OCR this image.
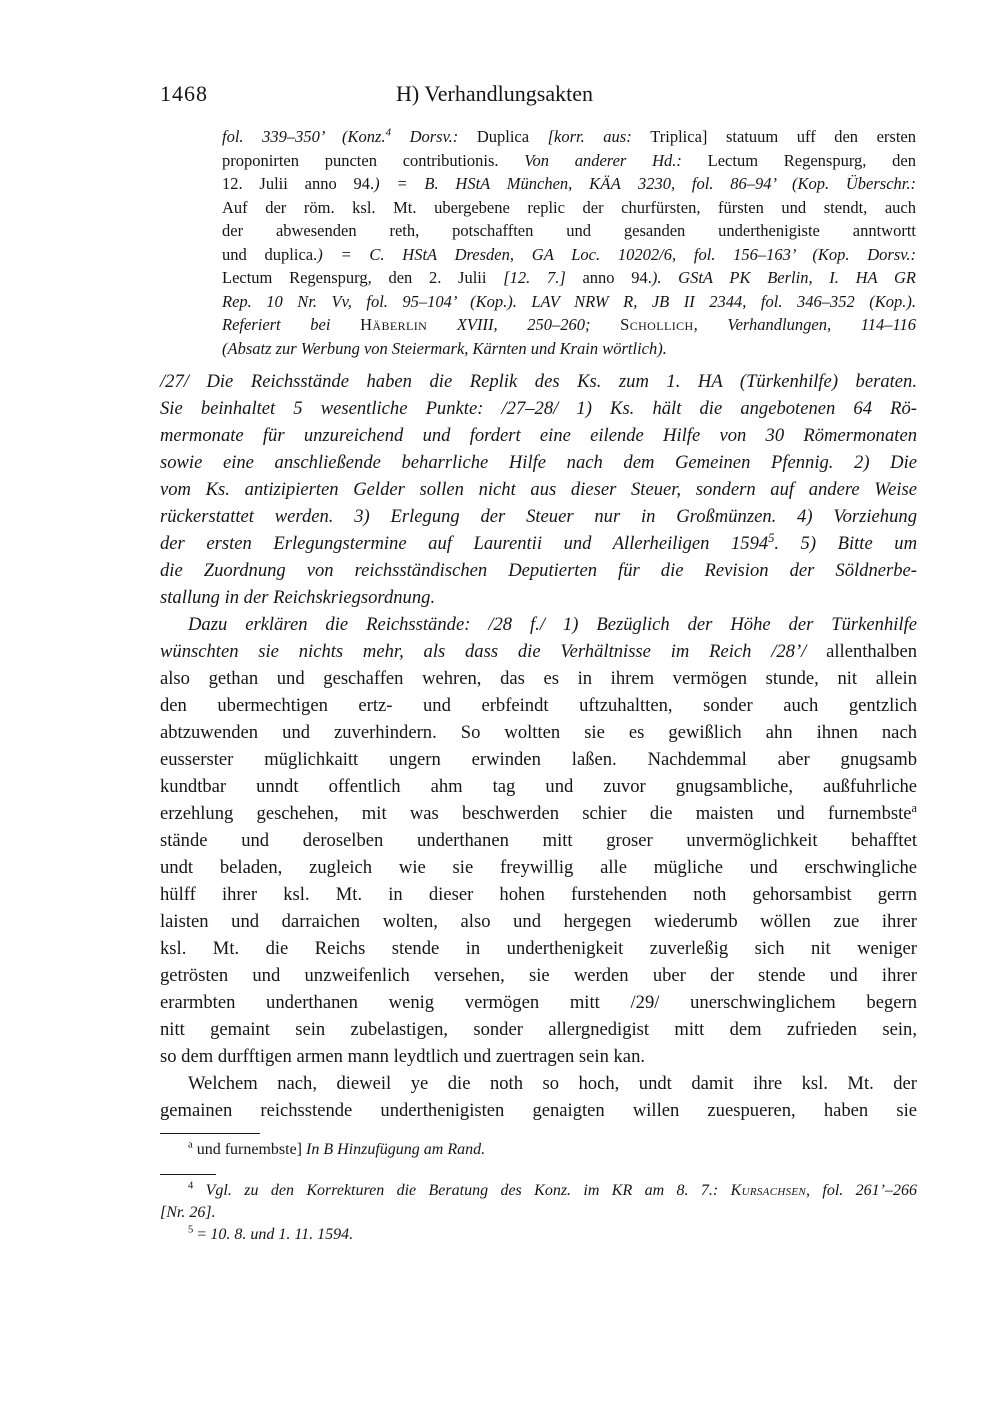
1468	H) Verhandlungsakten
fol. 339–350’ (Konz.$^4$ Dorsv.: Duplica [korr. aus: Triplica] statuum uff den ersten
proponirten puncten contributionis. Von anderer Hd.: Lectum Regenspurg, den
12. Julii anno 94.) = B. HStA München, KÄA 3230, fol. 86–94’ (Kop. Überschr.:
Auf der röm. ksl. Mt. ubergebene replic der churfürsten, fürsten und stendt, auch
der abwesenden reth, potschafften und gesanden underthenigiste anntwortt
und duplica.) = C. HStA Dresden, GA Loc. 10202/6, fol. 156–163’ (Kop. Dorsv.:
Lectum Regenspurg, den 2. Julii [12. 7.] anno 94.). GStA PK Berlin, I. HA GR
Rep. 10 Nr. Vv, fol. 95–104’ (Kop.). LAV NRW R, JB II 2344, fol. 346–352 (Kop.).
Referiert bei Häberlin XVIII, 250–260; Schollich, Verhandlungen, 114–116
(Absatz zur Werbung von Steiermark, Kärnten und Krain wörtlich).
/27/ Die Reichsstände haben die Replik des Ks. zum 1. HA (Türkenhilfe) beraten.
Sie beinhaltet 5 wesentliche Punkte: /27–28/ 1) Ks. hält die angebotenen 64 Rö-
mermonate für unzureichend und fordert eine eilende Hilfe von 30 Römermonaten
sowie eine anschließende beharrliche Hilfe nach dem Gemeinen Pfennig. 2) Die
vom Ks. antizipierten Gelder sollen nicht aus dieser Steuer, sondern auf andere Weise
rückerstattet werden. 3) Erlegung der Steuer nur in Großmünzen. 4) Vorziehung
der ersten Erlegungstermine auf Laurentii und Allerheiligen 1594$^5$. 5) Bitte um
die Zuordnung von reichsständischen Deputierten für die Revision der Söldnerbe-
stallung in der Reichskriegsordnung.
Dazu erklären die Reichsstände: /28 f./ 1) Bezüglich der Höhe der Türkenhilfe
wünschten sie nichts mehr, als dass die Verhältnisse im Reich /28’/ allenthalben
also gethan und geschaffen wehren, das es in ihrem vermögen stunde, nit allein
den ubermechtigen ertz- und erbfeindt uftzuhaltten, sonder auch gentzlich
abtzuwenden und zuverhindern. So woltten sie es gewißlich ahn ihnen nach
eusserster müglichkaitt ungern erwinden laßen. Nachdemmal aber gnugsamb
kundtbar unndt offentlich ahm tag und zuvor gnugsambliche, außfuhrliche
erzehlung geschehen, mit was beschwerden schier die maisten und furnembste$^a$
stände und deroselben underthanen mitt groser unvermöglichkeit behafftet
undt beladen, zugleich wie sie freywillig alle mügliche und erschwingliche
hülff ihrer ksl. Mt. in dieser hohen furstehenden noth gehorsambist gerrn
laisten und darraichen wolten, also und hergegen wiederumb wöllen zue ihrer
ksl. Mt. die Reichs stende in underthenigkeit zuverleßig sich nit weniger
getrösten und unzweifenlich versehen, sie werden uber der stende und ihrer
erarmbten underthanen wenig vermögen mitt /29/ unerschwinglichem begern
nitt gemaint sein zubelastigen, sonder allergnedigist mitt dem zufrieden sein,
so dem durfftigen armen mann leydtlich und zuertragen sein kan.
Welchem nach, dieweil ye die noth so hoch, undt damit ihre ksl. Mt. der
gemainen reichsstende underthenigisten genaigten willen zuespueren, haben sie
$^a$ und furnembste] In B Hinzufügung am Rand.
$^4$ Vgl. zu den Korrekturen die Beratung des Konz. im KR am 8. 7.: Kursachsen, fol. 261’–266
[Nr. 26].
$^5$ = 10. 8. und 1. 11. 1594.
